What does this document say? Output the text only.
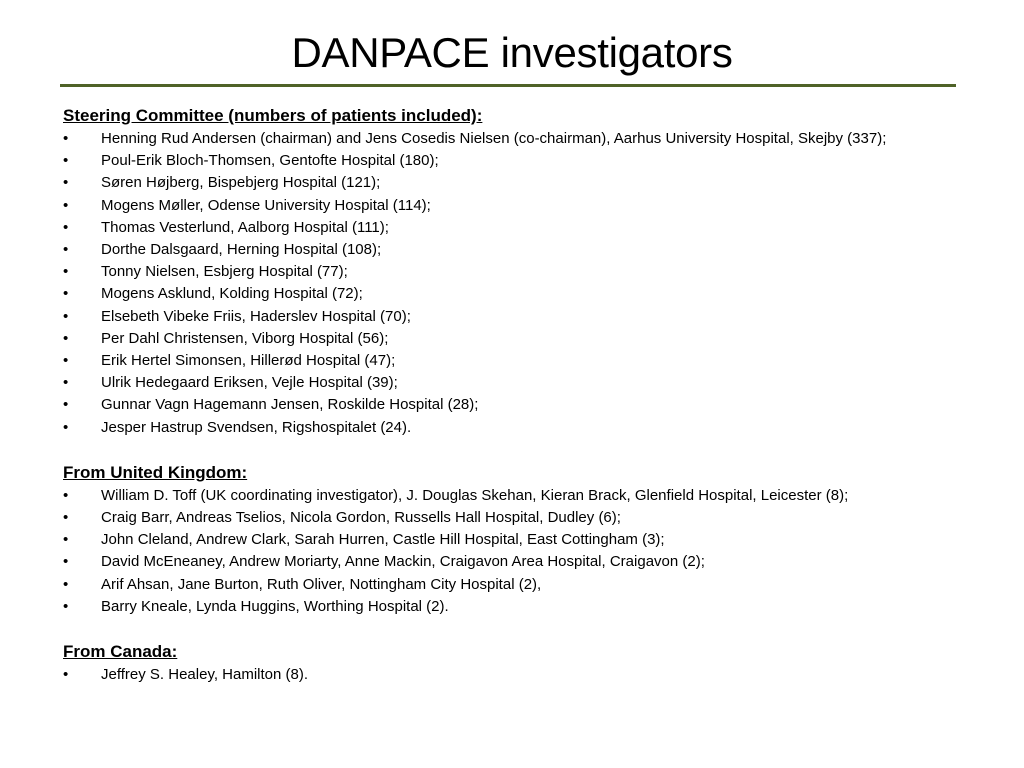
DANPACE investigators
Steering Committee (numbers of patients included):
• Henning Rud Andersen (chairman) and Jens Cosedis Nielsen (co-chairman), Aarhus University Hospital, Skejby (337);
• Poul-Erik Bloch-Thomsen, Gentofte Hospital (180);
• Søren Højberg, Bispebjerg Hospital (121);
• Mogens Møller, Odense University Hospital (114);
• Thomas Vesterlund, Aalborg Hospital (111);
• Dorthe Dalsgaard, Herning Hospital (108);
• Tonny Nielsen, Esbjerg Hospital (77);
• Mogens Asklund, Kolding Hospital (72);
• Elsebeth Vibeke Friis, Haderslev Hospital (70);
• Per Dahl Christensen, Viborg Hospital (56);
• Erik Hertel Simonsen, Hillerød Hospital (47);
• Ulrik Hedegaard Eriksen, Vejle Hospital (39);
• Gunnar Vagn Hagemann Jensen, Roskilde Hospital (28);
• Jesper Hastrup Svendsen, Rigshospitalet (24).
From United Kingdom:
• William D. Toff (UK coordinating investigator), J. Douglas Skehan, Kieran Brack, Glenfield Hospital, Leicester (8);
• Craig Barr, Andreas Tselios, Nicola Gordon, Russells Hall Hospital, Dudley (6);
• John Cleland, Andrew Clark, Sarah Hurren, Castle Hill Hospital, East Cottingham (3);
• David McEneaney, Andrew Moriarty, Anne Mackin, Craigavon Area Hospital, Craigavon (2);
• Arif Ahsan, Jane Burton, Ruth Oliver, Nottingham City Hospital (2),
• Barry Kneale, Lynda Huggins, Worthing Hospital (2).
From Canada:
• Jeffrey S. Healey, Hamilton (8).
